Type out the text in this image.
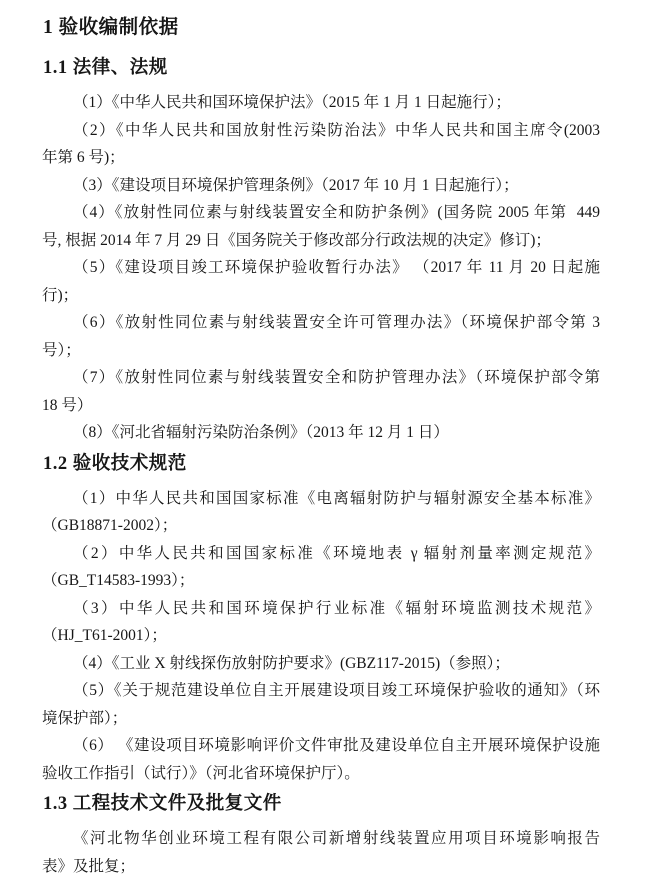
1 验收编制依据
1.1 法律、法规
（1）《中华人民共和国环境保护法》（2015 年 1 月 1 日起施行）；
（2）《中华人民共和国放射性污染防治法》中华人民共和国主席令(2003
年第 6 号)；
（3）《建设项目环境保护管理条例》（2017 年 10 月 1 日起施行）；
（4）《放射性同位素与射线装置安全和防护条例》(国务院 2005 年第  449
号, 根据 2014 年 7 月 29 日《国务院关于修改部分行政法规的决定》修订)；
（5）《建设项目竣工环境保护验收暂行办法》 （2017 年 11 月 20 日起施
行)；
（6）《放射性同位素与射线装置安全许可管理办法》（环境保护部令第 3
号）；
（7）《放射性同位素与射线装置安全和防护管理办法》（环境保护部令第
18 号）
（8）《河北省辐射污染防治条例》（2013 年 12 月 1 日）
1.2 验收技术规范
（1）中华人民共和国国家标准《电离辐射防护与辐射源安全基本标准》
（GB18871-2002）；
（2）中华人民共和国国家标准《环境地表 γ 辐射剂量率测定规范》
（GB_T14583-1993）；
（3）中华人民共和国环境保护行业标准《辐射环境监测技术规范》
（HJ_T61-2001）；
（4）《工业 X 射线探伤放射防护要求》(GBZ117-2015)（参照）；
（5）《关于规范建设单位自主开展建设项目竣工环境保护验收的通知》（环
境保护部）；
（6） 《建设项目环境影响评价文件审批及建设单位自主开展环境保护设施
验收工作指引（试行）》（河北省环境保护厅）。
1.3 工程技术文件及批复文件
《河北物华创业环境工程有限公司新增射线装置应用项目环境影响报告
表》及批复；
